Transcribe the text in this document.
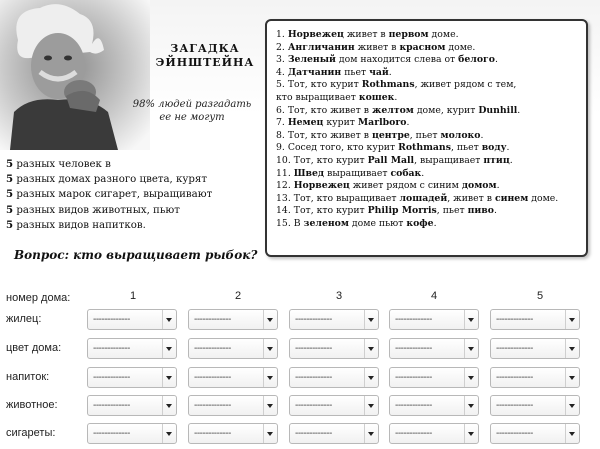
ЗАГАДКА
ЭЙНШТЕЙНА
98% людей разгадать
ее не могут
5 разных человек в
5 разных домах разного цвета, курят
5 разных марок сигарет, выращивают
5 разных видов животных, пьют
5 разных видов напитков.
Вопрос: кто выращивает рыбок?
1. Норвежец живет в первом доме.
2. Англичанин живет в красном доме.
3. Зеленый дом находится слева от белого.
4. Датчанин пьет чай.
5. Тот, кто курит Rothmans, живет рядом с тем,
кто выращивает кошек.
6. Тот, кто живет в желтом доме, курит Dunhill.
7. Немец курит Marlboro.
8. Тот, кто живет в центре, пьет молоко.
9. Сосед того, кто курит Rothmans, пьет воду.
10. Тот, кто курит Pall Mall, выращивает птиц.
11. Швед выращивает собак.
12. Норвежец живет рядом с синим домом.
13. Тот, кто выращивает лошадей, живет в синем доме.
14. Тот, кто курит Philip Morris, пьет пиво.
15. В зеленом доме пьют кофе.
номер дома:	1	2	3	4	5
жилец:	-------------	-------------	-------------	-------------	-------------
цвет дома:	-------------	-------------	-------------	-------------	-------------
напиток:	-------------	-------------	-------------	-------------	-------------
животное:	-------------	-------------	-------------	-------------	-------------
сигареты:	-------------	-------------	-------------	-------------	-------------
